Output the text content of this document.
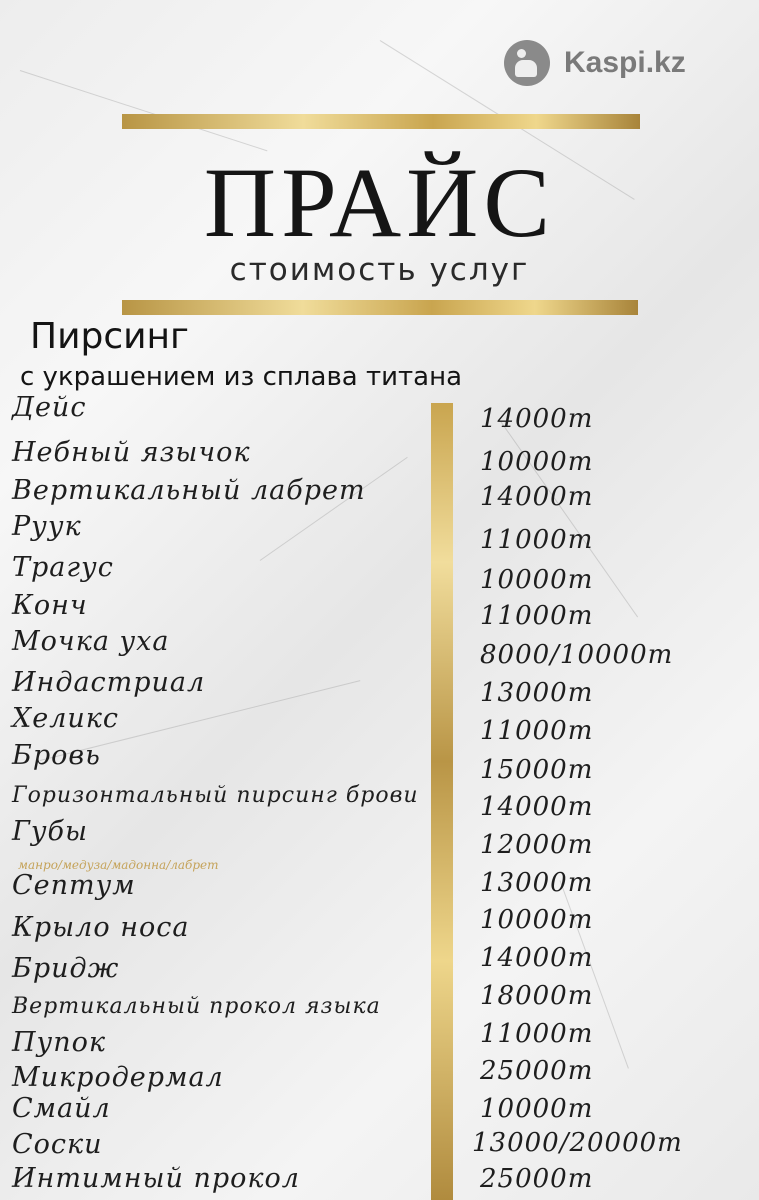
Kaspi.kz
ПРАЙС
стоимость услуг
Пирсинг
с украшением из сплава титана
Дейс	14000т
Небный язычок	10000т
Вертикальный лабрет	14000т
Руук	11000т
Трагус	10000т
Конч	11000т
Мочка уха	8000/10000т
Индастриал	13000т
Хеликс	11000т
Бровь	15000т
Горизонтальный пирсинг брови 14000т
Губы	12000т
манро/медуза/мадонна/лабрет
Септум	13000т
Крыло носа	10000т
Бридж	14000т
Вертикальный прокол языка	18000т
Пупок	11000т
Микродермал	25000т
Смайл	10000т
Соски	13000/20000т
Интимный прокол	25000т
